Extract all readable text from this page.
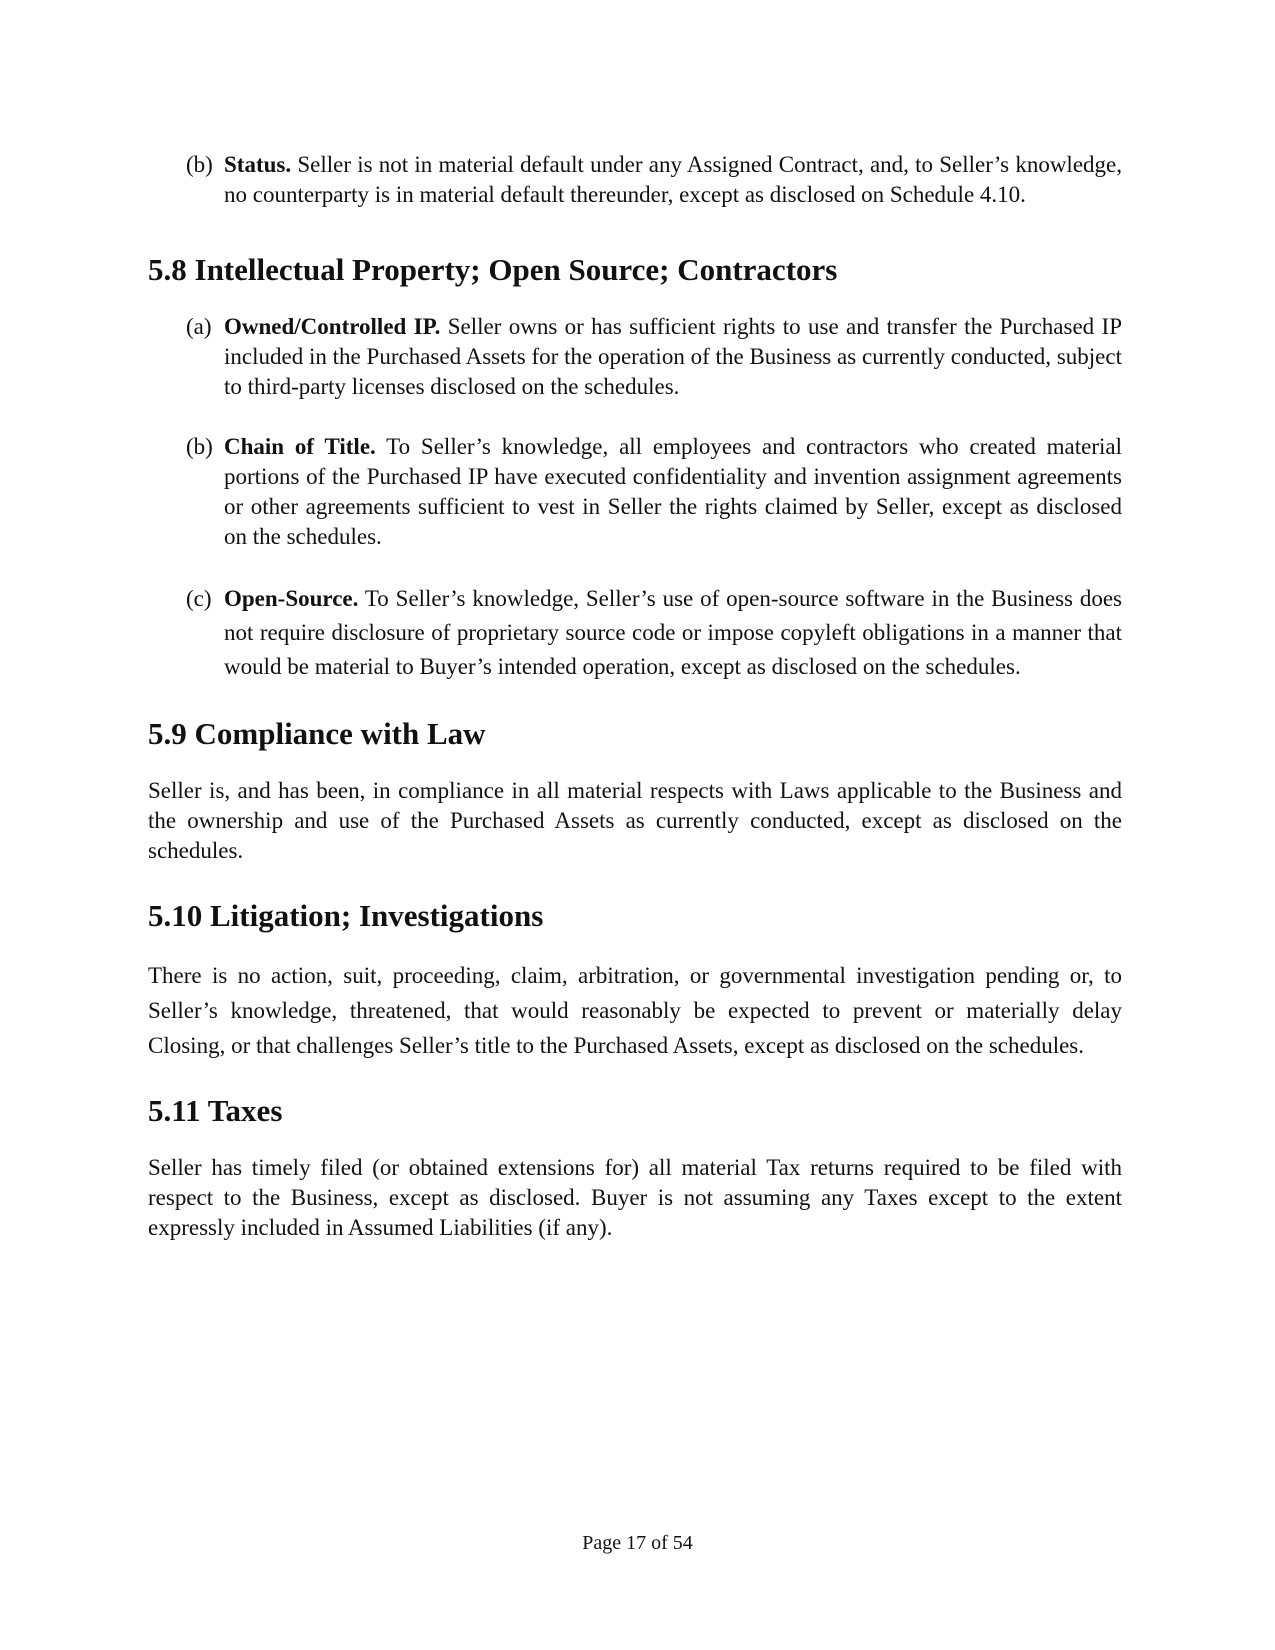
(b) Status. Seller is not in material default under any Assigned Contract, and, to Seller’s knowledge, no counterparty is in material default thereunder, except as disclosed on Schedule 4.10.

5.8 Intellectual Property; Open Source; Contractors

(a) Owned/Controlled IP. Seller owns or has sufficient rights to use and transfer the Purchased IP included in the Purchased Assets for the operation of the Business as currently conducted, subject to third-party licenses disclosed on the schedules.

(b) Chain of Title. To Seller’s knowledge, all employees and contractors who created material portions of the Purchased IP have executed confidentiality and invention assignment agreements or other agreements sufficient to vest in Seller the rights claimed by Seller, except as disclosed on the schedules.

(c) Open-Source. To Seller’s knowledge, Seller’s use of open-source software in the Business does not require disclosure of proprietary source code or impose copyleft obligations in a manner that would be material to Buyer’s intended operation, except as disclosed on the schedules.

5.9 Compliance with Law

Seller is, and has been, in compliance in all material respects with Laws applicable to the Business and the ownership and use of the Purchased Assets as currently conducted, except as disclosed on the schedules.

5.10 Litigation; Investigations

There is no action, suit, proceeding, claim, arbitration, or governmental investigation pending or, to Seller’s knowledge, threatened, that would reasonably be expected to prevent or materially delay Closing, or that challenges Seller’s title to the Purchased Assets, except as disclosed on the schedules.

5.11 Taxes

Seller has timely filed (or obtained extensions for) all material Tax returns required to be filed with respect to the Business, except as disclosed. Buyer is not assuming any Taxes except to the extent expressly included in Assumed Liabilities (if any).

Page 17 of 54
